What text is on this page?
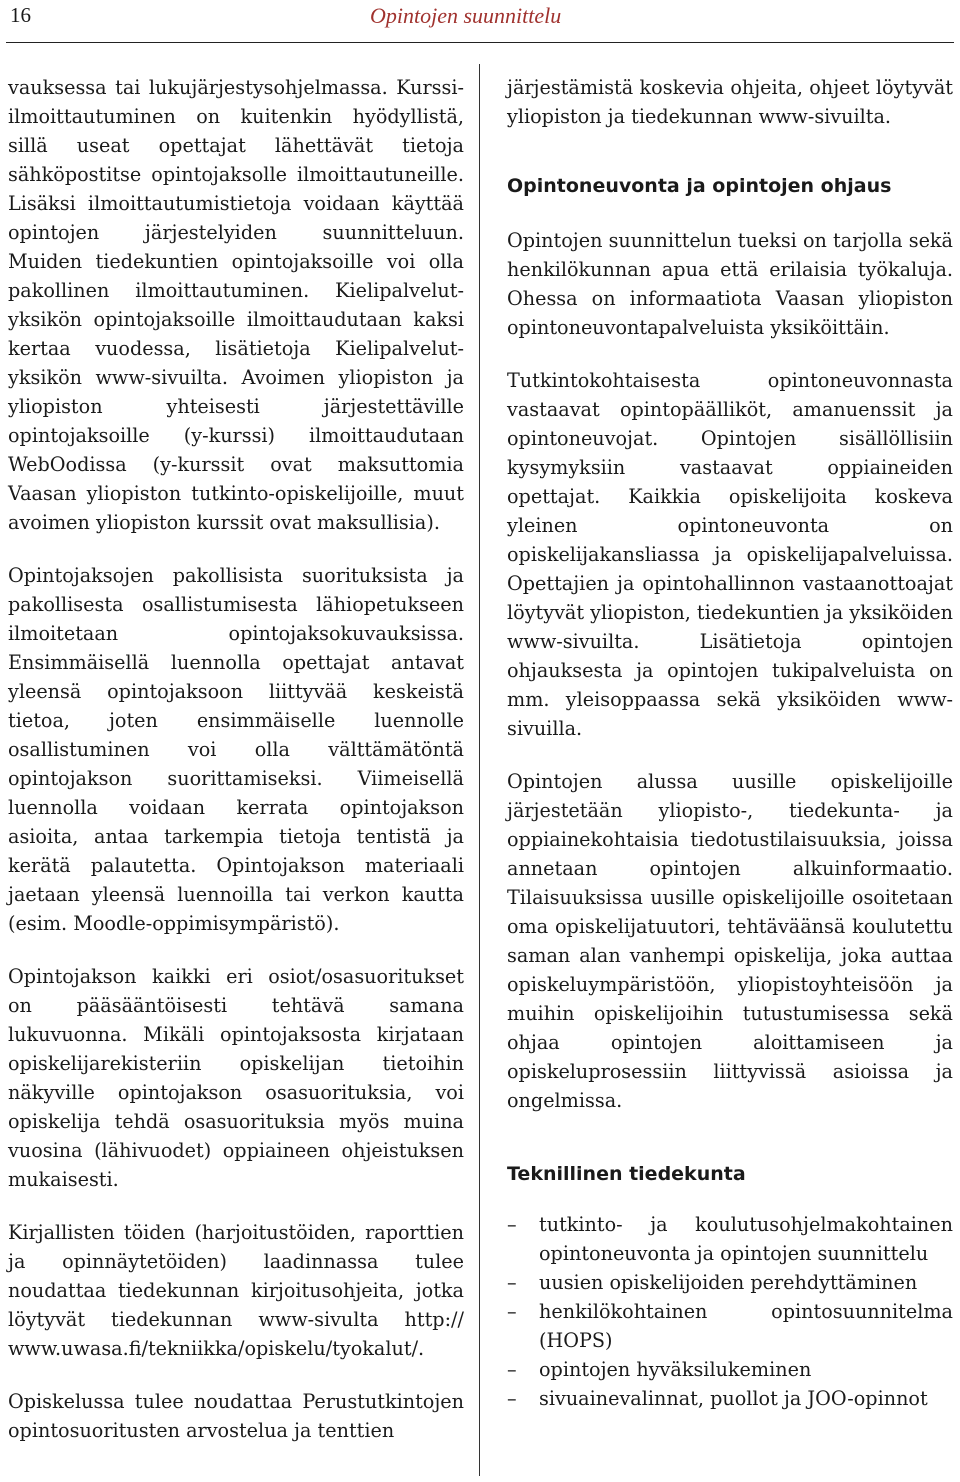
16	Opintojen suunnittelu

vauksessa tai lukujärjestysohjelmassa. Kurssi-ilmoittautuminen on kuitenkin hyödyllistä, sillä useat opettajat lähettävät tietoja sähköpostitse opintojaksolle ilmoittautuneille. Lisäksi ilmoittautumistietoja voidaan käyttää opintojen järjestelyiden suunnitteluun. Muiden tiedekuntien opintojaksoille voi olla pakollinen ilmoittautuminen. Kielipalvelut-yksikön opintojaksoille ilmoittaudutaan kaksi kertaa vuodessa, lisätietoja Kielipalvelut-yksikön www-sivuilta. Avoimen yliopiston ja yliopiston yhteisesti järjestettäville opintojaksoille (y-kurssi) ilmoittaudutaan WebOodissa (y-kurssit ovat maksuttomia Vaasan yliopiston tutkinto-opiskelijoille, muut avoimen yliopiston kurssit ovat maksullisia).

Opintojaksojen pakollisista suorituksista ja pakollisesta osallistumisesta lähiopetukseen ilmoitetaan opintojaksokuvauksissa. Ensimmäisellä luennolla opettajat antavat yleensä opintojaksoon liittyvää keskeistä tietoa, joten ensimmäiselle luennolle osallistuminen voi olla välttämätöntä opintojakson suorittamiseksi. Viimeisellä luennolla voidaan kerrata opintojakson asioita, antaa tarkempia tietoja tentistä ja kerätä palautetta. Opintojakson materiaali jaetaan yleensä luennoilla tai verkon kautta (esim. Moodle-oppimisympäristö).

Opintojakson kaikki eri osiot/osasuoritukset on pääsääntöisesti tehtävä samana lukuvuonna. Mikäli opintojaksosta kirjataan opiskelijarekisteriin opiskelijan tietoihin näkyville opintojakson osasuorituksia, voi opiskelija tehdä osasuorituksia myös muina vuosina (lähivuodet) oppiaineen ohjeistuksen mukaisesti.

Kirjallisten töiden (harjoitustöiden, raporttien ja opinnäytetöiden) laadinnassa tulee noudattaa tiedekunnan kirjoitusohjeita, jotka löytyvät tiedekunnan www-sivulta http:// www.uwasa.fi/tekniikka/opiskelu/tyokalut/.

Opiskelussa tulee noudattaa Perustutkintojen opintosuoritusten arvostelua ja tenttien

järjestämistä koskevia ohjeita, ohjeet löytyvät yliopiston ja tiedekunnan www-sivuilta.

Opintoneuvonta ja opintojen ohjaus

Opintojen suunnittelun tueksi on tarjolla sekä henkilökunnan apua että erilaisia työkaluja. Ohessa on informaatiota Vaasan yliopiston opintoneuvontapalveluista yksiköittäin.

Tutkintokohtaisesta opintoneuvonnasta vastaavat opintopäälliköt, amanuenssit ja opintoneuvojat. Opintojen sisällöllisiin kysymyksiin vastaavat oppiaineiden opettajat. Kaikkia opiskelijoita koskeva yleinen opintoneuvonta on opiskelijakansliassa ja opiskelijapalveluissa. Opettajien ja opintohallinnon vastaanottoajat löytyvät yliopiston, tiedekuntien ja yksiköiden www-sivuilta. Lisätietoja opintojen ohjauksesta ja opintojen tukipalveluista on mm. yleisoppaassa sekä yksiköiden www-sivuilla.

Opintojen alussa uusille opiskelijoille järjestetään yliopisto-, tiedekunta- ja oppiainekohtaisia tiedotustilaisuuksia, joissa annetaan opintojen alkuinformaatio. Tilaisuuksissa uusille opiskelijoille osoitetaan oma opiskelijatuutori, tehtäväänsä koulutettu saman alan vanhempi opiskelija, joka auttaa opiskeluympäristöön, yliopistoyhteisöön ja muihin opiskelijoihin tutustumisessa sekä ohjaa opintojen aloittamiseen ja opiskeluprosessiin liittyvissä asioissa ja ongelmissa.

Teknillinen tiedekunta
– tutkinto- ja koulutusohjelmakohtainen opintoneuvonta ja opintojen suunnittelu
– uusien opiskelijoiden perehdyttäminen
– henkilökohtainen opintosuunnitelma (HOPS)
– opintojen hyväksilukeminen
– sivuainevalinnat, puollot ja JOO-opinnot
